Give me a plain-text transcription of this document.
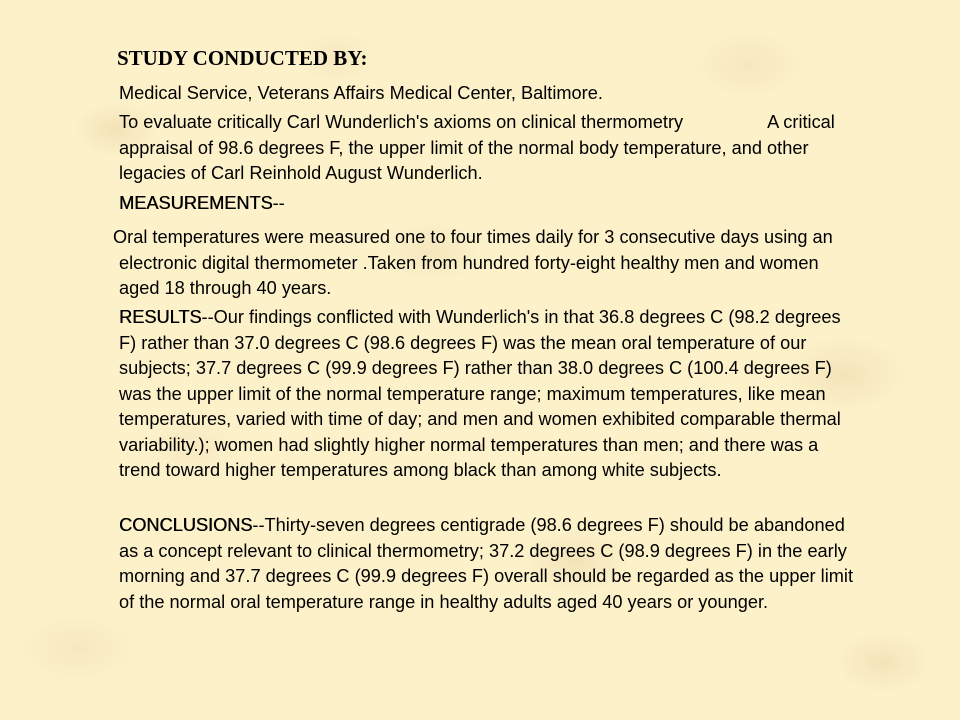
STUDY CONDUCTED BY:

Medical Service, Veterans Affairs Medical Center, Baltimore.

To evaluate critically Carl Wunderlich's axioms on clinical thermometry	A critical appraisal of 98.6 degrees F, the upper limit of the normal body temperature, and other legacies of Carl Reinhold August Wunderlich.

MEASUREMENTS--

Oral temperatures were measured one to four times daily for 3 consecutive days using an electronic digital thermometer .Taken from hundred forty-eight healthy men and women aged 18 through 40 years.

RESULTS--Our findings conflicted with Wunderlich's in that 36.8 degrees C (98.2 degrees F) rather than 37.0 degrees C (98.6 degrees F) was the mean oral temperature of our subjects; 37.7 degrees C (99.9 degrees F) rather than 38.0 degrees C (100.4 degrees F) was the upper limit of the normal temperature range; maximum temperatures, like mean temperatures, varied with time of day; and men and women exhibited comparable thermal variability.); women had slightly higher normal temperatures than men; and there was a trend toward higher temperatures among black than among white subjects.

CONCLUSIONS--Thirty-seven degrees centigrade (98.6 degrees F) should be abandoned as a concept relevant to clinical thermometry; 37.2 degrees C (98.9 degrees F) in the early morning and 37.7 degrees C (99.9 degrees F) overall should be regarded as the upper limit of the normal oral temperature range in healthy adults aged 40 years or younger.
